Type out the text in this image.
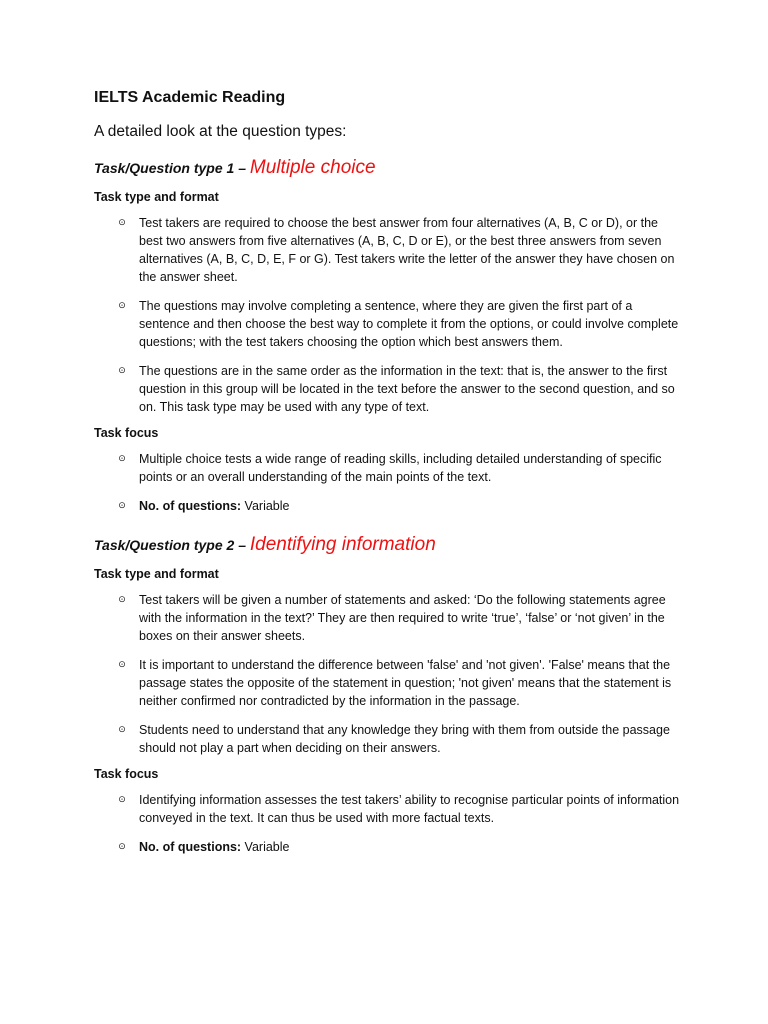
IELTS Academic Reading

A detailed look at the question types:

Task/Question type 1 – Multiple choice

Task type and format

⊙ Test takers are required to choose the best answer from four alternatives (A, B, C or D), or the best two answers from five alternatives (A, B, C, D or E), or the best three answers from seven alternatives (A, B, C, D, E, F or G). Test takers write the letter of the answer they have chosen on the answer sheet.
⊙ The questions may involve completing a sentence, where they are given the first part of a sentence and then choose the best way to complete it from the options, or could involve complete questions; with the test takers choosing the option which best answers them.
⊙ The questions are in the same order as the information in the text: that is, the answer to the first question in this group will be located in the text before the answer to the second question, and so on. This task type may be used with any type of text.

Task focus

⊙ Multiple choice tests a wide range of reading skills, including detailed understanding of specific points or an overall understanding of the main points of the text.
⊙ No. of questions: Variable

Task/Question type 2 – Identifying information

Task type and format

⊙ Test takers will be given a number of statements and asked: ‘Do the following statements agree with the information in the text?’ They are then required to write ‘true’, ‘false’ or ‘not given’ in the boxes on their answer sheets.
⊙ It is important to understand the difference between 'false' and 'not given'. 'False' means that the passage states the opposite of the statement in question; 'not given' means that the statement is neither confirmed nor contradicted by the information in the passage.
⊙ Students need to understand that any knowledge they bring with them from outside the passage should not play a part when deciding on their answers.

Task focus

⊙ Identifying information assesses the test takers’ ability to recognise particular points of information conveyed in the text. It can thus be used with more factual texts.
⊙ No. of questions: Variable
